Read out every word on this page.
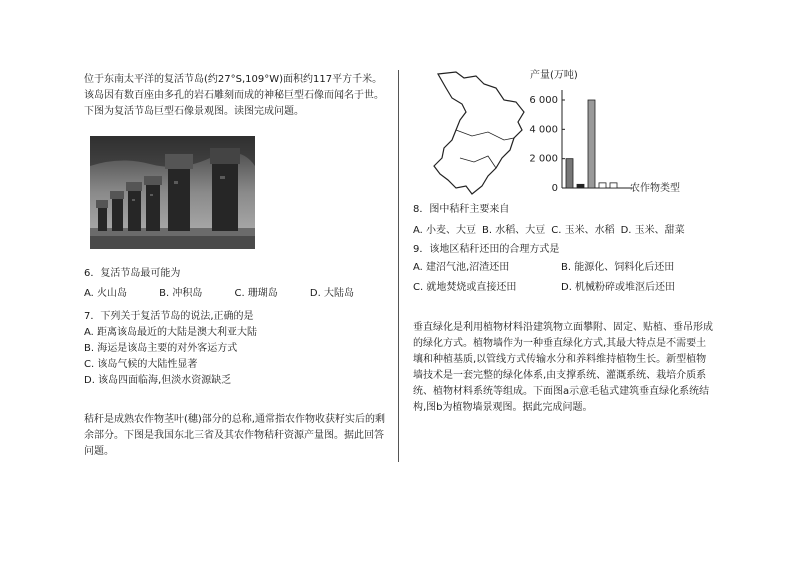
位于东南太平洋的复活节岛(约27°S,109°W)面积约117平方千米。该岛因有数百座由多孔的岩石雕刻而成的神秘巨型石像而闻名于世。下图为复活节岛巨型石像景观图。读图完成问题。

6．复活节岛最可能为

A. 火山岛	B. 冲积岛	C. 珊瑚岛	D. 大陆岛

7．下列关于复活节岛的说法,正确的是

A. 距离该岛最近的大陆是澳大利亚大陆

B. 海运是该岛主要的对外客运方式

C. 该岛气候的大陆性显著

D. 该岛四面临海,但淡水资源缺乏

秸秆是成熟农作物茎叶(穗)部分的总称,通常指农作物收获籽实后的剩余部分。下图是我国东北三省及其农作物秸秆资源产量图。据此回答问题。

产量(万吨)
农作物类型
0
2 000
4 000
6 000

8．图中秸秆主要来自

A. 小麦、大豆 B. 水稻、大豆 C. 玉米、水稻 D. 玉米、甜菜

9．该地区秸秆还田的合理方式是

A. 建沼气池,沼渣还田	B. 能源化、饲料化后还田
C. 就地焚烧或直接还田	D. 机械粉碎或堆沤后还田

垂直绿化是利用植物材料沿建筑物立面攀附、固定、贴植、垂吊形成的绿化方式。植物墙作为一种垂直绿化方式,其最大特点是不需要土壤和种植基质,以管线方式传输水分和养料维持植物生长。新型植物墙技术是一套完整的绿化体系,由支撑系统、灌溉系统、栽培介质系统、植物材料系统等组成。下面图a示意毛毡式建筑垂直绿化系统结构,图b为植物墙景观图。据此完成问题。
